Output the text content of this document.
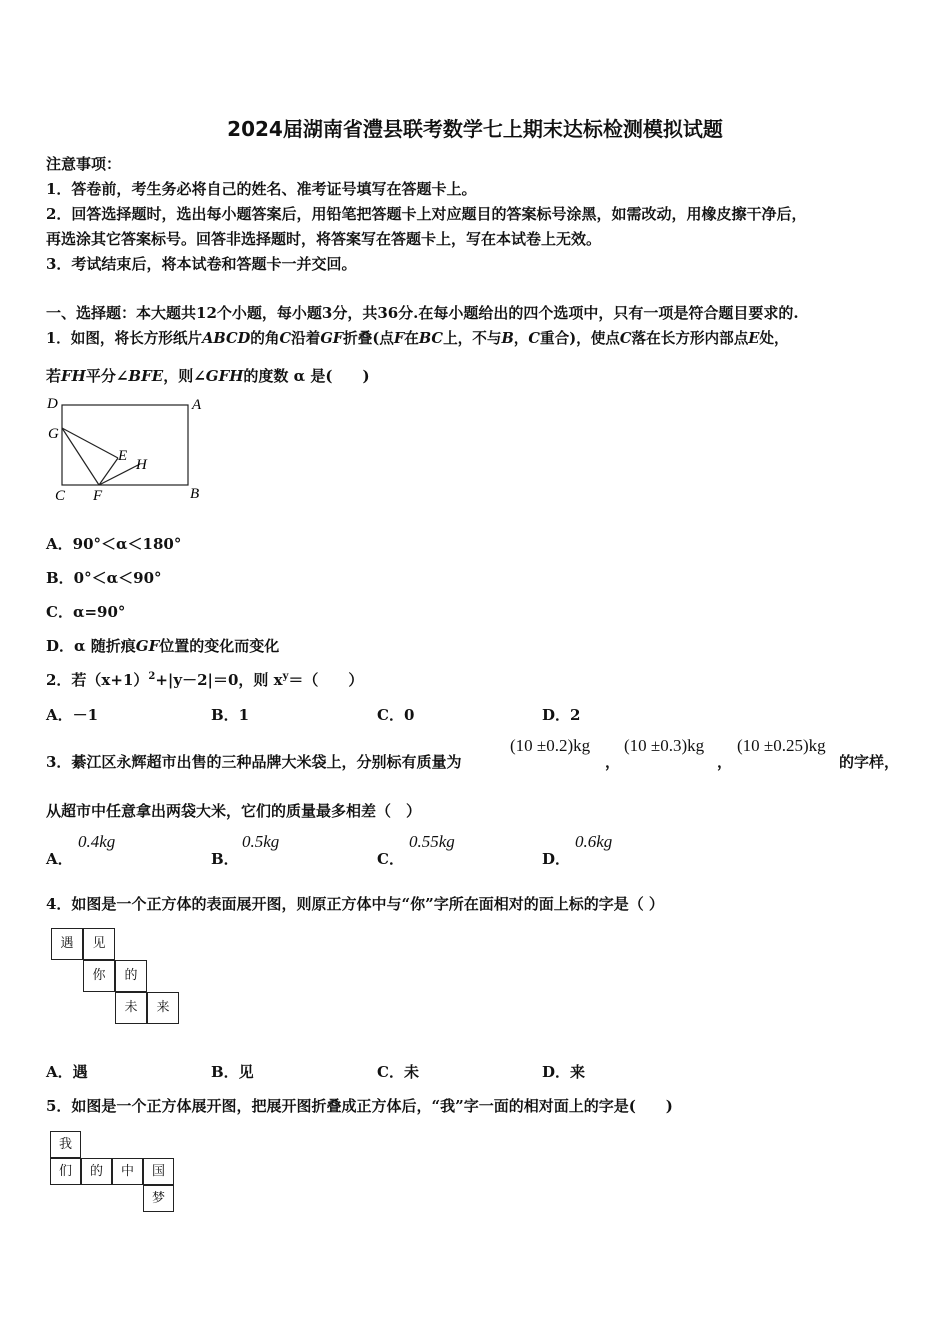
2024届湖南省澧县联考数学七上期末达标检测模拟试题
注意事项：
1．答卷前，考生务必将自己的姓名、准考证号填写在答题卡上。
2．回答选择题时，选出每小题答案后，用铅笔把答题卡上对应题目的答案标号涂黑，如需改动，用橡皮擦干净后，
再选涂其它答案标号。回答非选择题时，将答案写在答题卡上，写在本试卷上无效。
3．考试结束后，将本试卷和答题卡一并交回。
一、选择题：本大题共12个小题，每小题3分，共36分.在每小题给出的四个选项中，只有一项是符合题目要求的.
1．如图，将长方形纸片ABCD的角C沿着GF折叠(点F在BC上，不与B，C重合)，使点C落在长方形内部点E处，
若FH平分∠BFE，则∠GFH的度数 α 是(　　)
D	A
G
E
H
C F	B
A．90°＜α＜180°
B．0°＜α＜90°
C．α=90°
D．α 随折痕GF位置的变化而变化
2．若$(x+1)^2+|y-2|=0$，则 $x^y=$（　　）
A．－1	B．1	C．0	D．2
3．綦江区永辉超市出售的三种品牌大米袋上，分别标有质量为
(10 ±0.2)kg
，
(10 ±0.3)kg
，
(10 ±0.25)kg
的字样，
从超市中任意拿出两袋大米，它们的质量最多相差（　）
A．
0.4kg
B．
0.5kg
C．
0.55kg
D．
0.6kg
4．如图是一个正方体的表面展开图，则原正方体中与“你”字所在面相对的面上标的字是（ ）
遇	见
你	的
未	来
A．遇	B．见	C．未	D．来
5．如图是一个正方体展开图，把展开图折叠成正方体后，“我”字一面的相对面上的字是(　　)
我
们	的	中	国
梦
